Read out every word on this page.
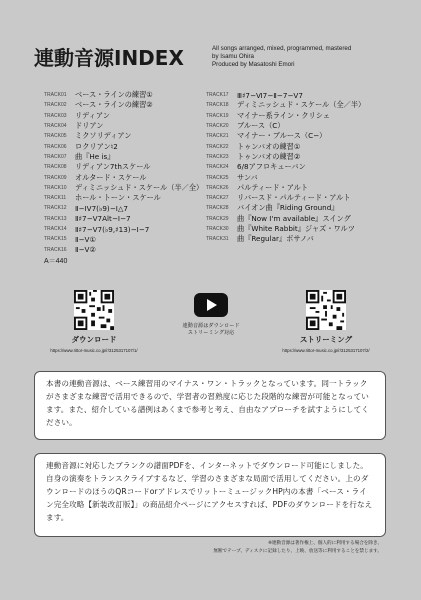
連動音源INDEX	All songs arranged, mixed, programmed, mastered
by Isamu Ohira
Produced by Masatoshi Emori
TRACK01	ベース・ラインの練習①
TRACK02	ベース・ラインの練習②
TRACK03	リディアン
TRACK04	ドリアン
TRACK05	ミクソリディアン
TRACK06	ロクリアン♮2
TRACK07	曲『He is』
TRACK08	リディアン7thスケール
TRACK09	オルタード・スケール
TRACK10	ディミニッシュド・スケール（半／全）
TRACK11	ホール・トーン・スケール
TRACK12	Ⅱ−ⅠⅤ7(♭9)−Ⅰ△7
TRACK13	Ⅱ♯7−Ⅴ7Alt−Ⅰ−7
TRACK14	Ⅱ♯7−Ⅴ7(♭9,♯13)−Ⅰ−7
TRACK15	Ⅱ−Ⅴ①
TRACK16	Ⅱ−Ⅴ②
TRACK17	Ⅲ♯7−Ⅵ7−Ⅱ−7−Ⅴ7
TRACK18	ディミニッシュド・スケール（全／半）
TRACK19	マイナー系ライン・クリシェ
TRACK20	ブルース（C）
TRACK21	マイナー・ブルース（C−）
TRACK22	トゥンバオの練習①
TRACK23	トゥンバオの練習②
TRACK24	6/8アフロキューバン
TRACK25	サンバ
TRACK26	パルティード・アルト
TRACK27	リバースド・パルティード・アルト
TRACK28	バイオン曲『Riding Ground』
TRACK29	曲『Now I'm available』スイング
TRACK30	曲『White Rabbit』ジャズ・ワルツ
TRACK31	曲『Regular』ボサノバ
A＝440
ダウンロード
https://www.rittor-music.co.jp/r/3125317107/1/
連動音源はダウンロード
ストリーミング対応
ストリーミング
https://www.rittor-music.co.jp/r/3125317107/2/

本書の連動音源は、ベース練習用のマイナス・ワン・トラックとなっています。同一トラックがさまざまな練習で活用できるので、学習者の習熟度に応じた段階的な練習が可能となっています。また、紹介している譜例はあくまで参考と考え、自由なアプローチを試すようにしてください。

連動音源に対応したブランクの譜面PDFを、インターネットでダウンロード可能にしました。自身の演奏をトランスクライブするなど、学習のさまざまな局面で活用してください。上のダウンロードのほうのQRコードorアドレスでリットーミュージックHP内の本書「ベース・ライン完全攻略【新装改訂版】」の商品紹介ページにアクセスすれば、PDFのダウンロードを行なえます。

※連動音源は著作権上、個人的に利用する場合を除き、
無断でテープ、ディスクに記録したり、上映、放送等に利用することを禁じます。
